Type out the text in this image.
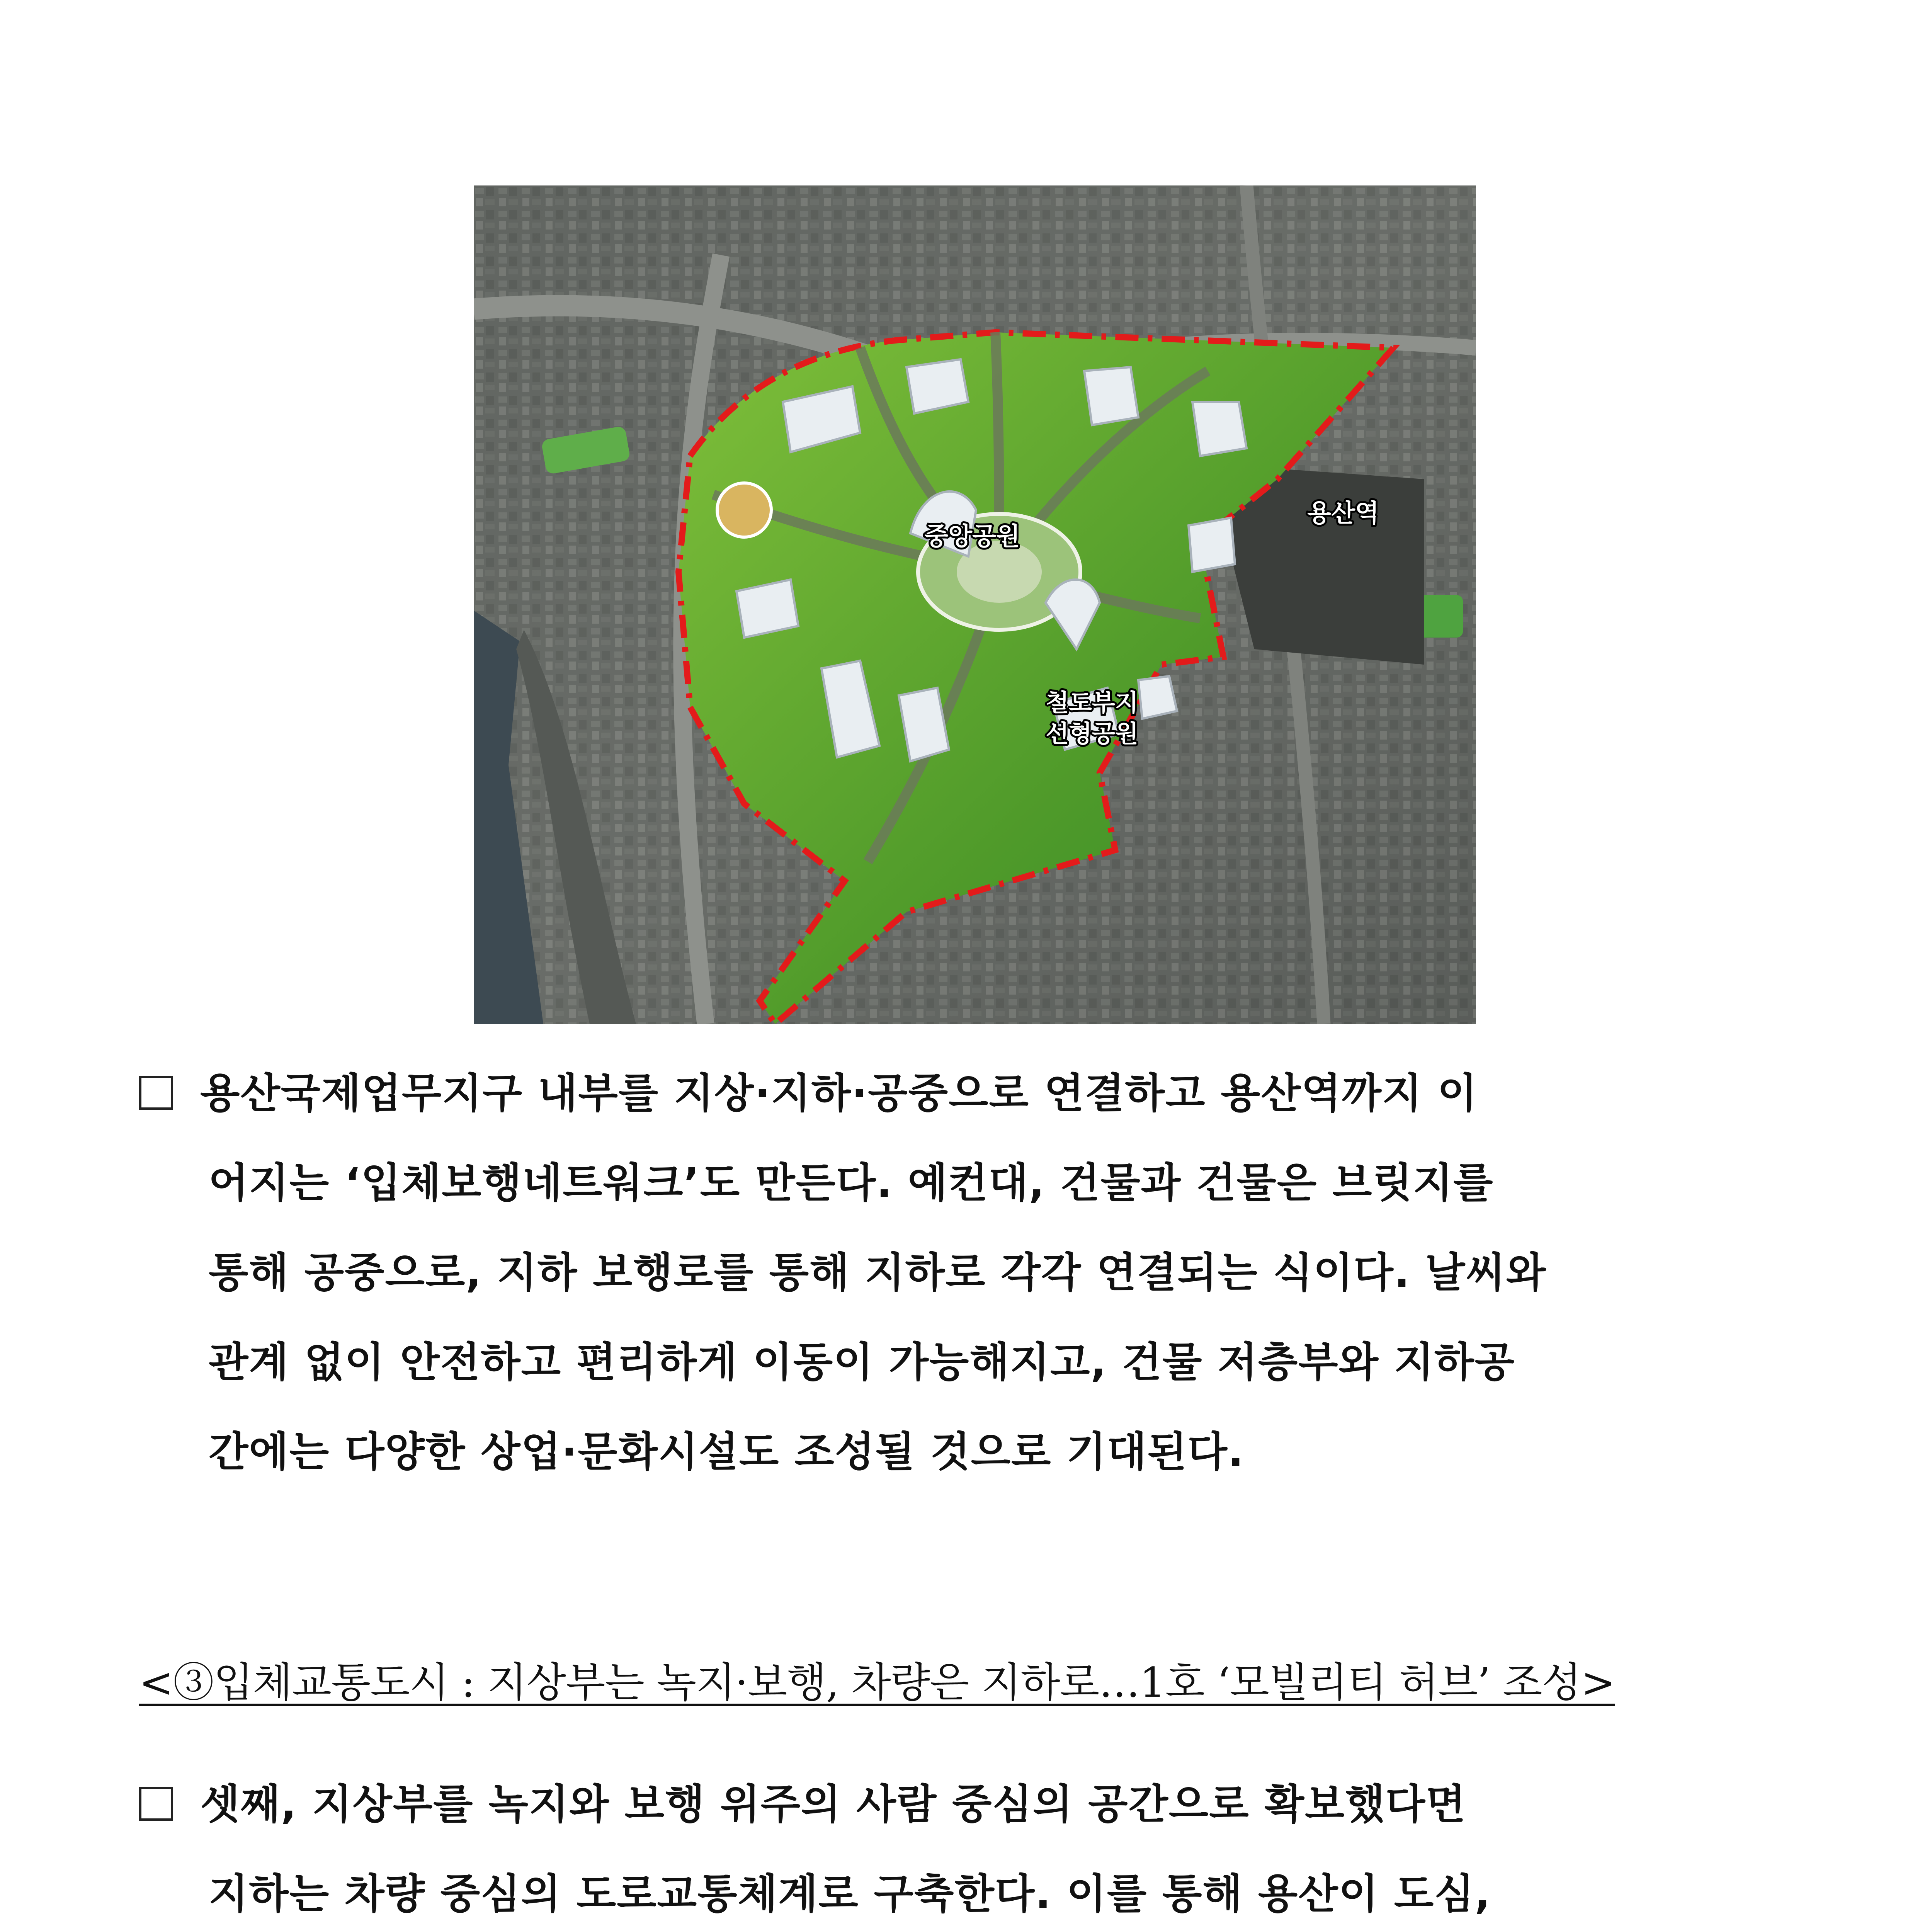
중앙공원
용산역
철도부지
선형공원
용산국제업무지구 내부를 지상·지하·공중으로 연결하고 용산역까지 이
어지는 ‘입체보행네트워크’도 만든다. 예컨대, 건물과 건물은 브릿지를
통해 공중으로, 지하 보행로를 통해 지하로 각각 연결되는 식이다. 날씨와
관계 없이 안전하고 편리하게 이동이 가능해지고, 건물 저층부와 지하공
간에는 다양한 상업·문화시설도 조성될 것으로 기대된다.
<③입체교통도시 : 지상부는 녹지·보행, 차량은 지하로…1호 ‘모빌리티 허브’ 조성>
셋째, 지상부를 녹지와 보행 위주의 사람 중심의 공간으로 확보했다면
지하는 차량 중심의 도로교통체계로 구축한다. 이를 통해 용산이 도심,
